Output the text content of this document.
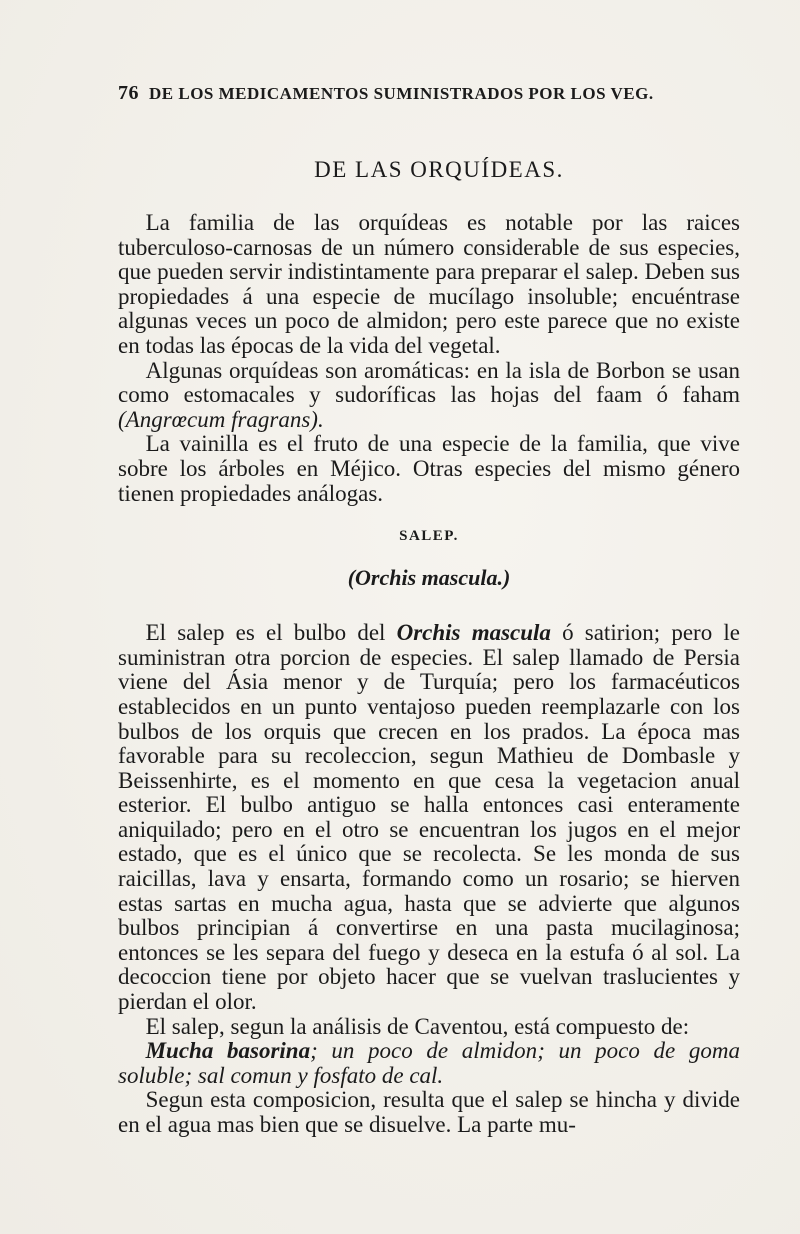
76 DE LOS MEDICAMENTOS SUMINISTRADOS POR LOS VEG.
DE LAS ORQUÍDEAS.

La familia de las orquídeas es notable por las raices tuberculoso-carnosas de un número considerable de sus especies, que pueden servir indistintamente para preparar el salep. Deben sus propiedades á una especie de mucílago insoluble; encuéntrase algunas veces un poco de almidon; pero este parece que no existe en todas las épocas de la vida del vegetal.

Algunas orquídeas son aromáticas: en la isla de Borbon se usan como estomacales y sudoríficas las hojas del faam ó faham (Angrœcum fragrans).

La vainilla es el fruto de una especie de la familia, que vive sobre los árboles en Méjico. Otras especies del mismo género tienen propiedades análogas.

SALEP.
(Orchis mascula.)

El salep es el bulbo del Orchis mascula ó satirion; pero le suministran otra porcion de especies. El salep llamado de Persia viene del Ásia menor y de Turquía; pero los farmacéuticos establecidos en un punto ventajoso pueden reemplazarle con los bulbos de los orquis que crecen en los prados. La época mas favorable para su recoleccion, segun Mathieu de Dombasle y Beissenhirte, es el momento en que cesa la vegetacion anual esterior. El bulbo antiguo se halla entonces casi enteramente aniquilado; pero en el otro se encuentran los jugos en el mejor estado, que es el único que se recolecta. Se les monda de sus raicillas, lava y ensarta, formando como un rosario; se hierven estas sartas en mucha agua, hasta que se advierte que algunos bulbos principian á convertirse en una pasta mucilaginosa; entonces se les separa del fuego y deseca en la estufa ó al sol. La decoccion tiene por objeto hacer que se vuelvan traslucientes y pierdan el olor.

El salep, segun la análisis de Caventou, está compuesto de:

Mucha basorina; un poco de almidon; un poco de goma soluble; sal comun y fosfato de cal.

Segun esta composicion, resulta que el salep se hincha y divide en el agua mas bien que se disuelve. La parte mu-
